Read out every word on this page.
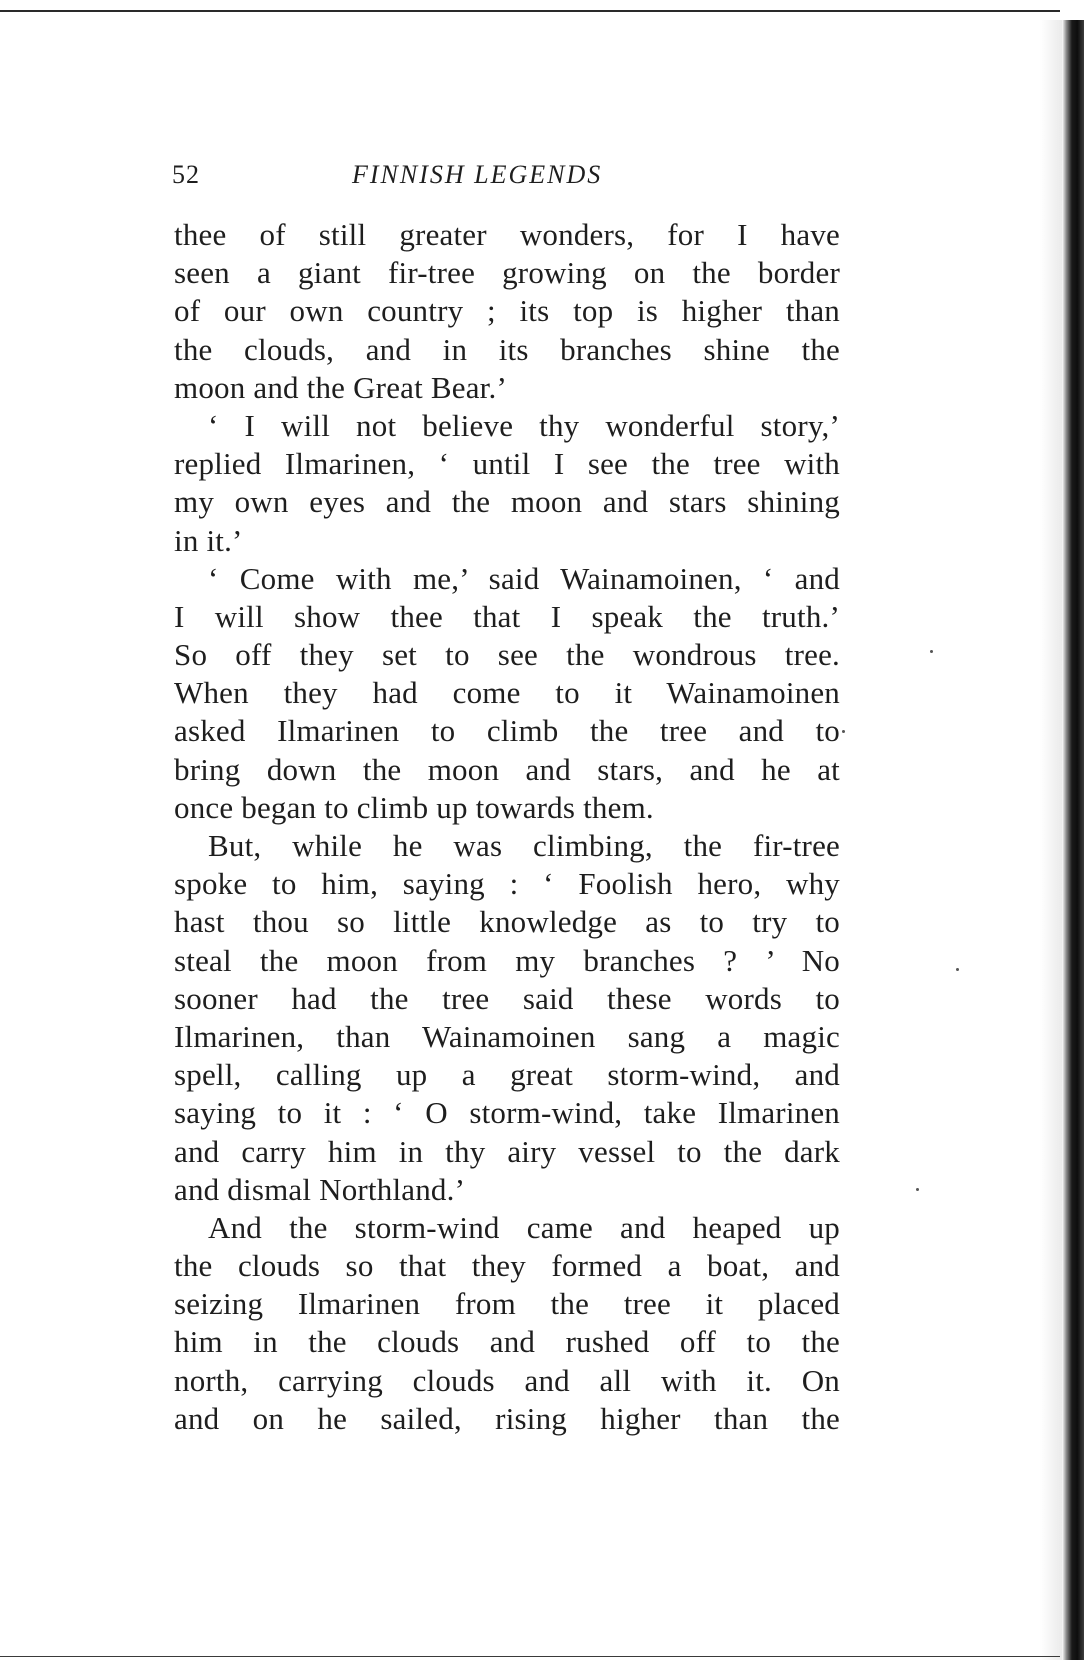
52	FINNISH LEGENDS
thee of still greater wonders, for I have
seen a giant fir-tree growing on the border
of our own country ; its top is higher than
the clouds, and in its branches shine the
moon and the Great Bear.’
‘ I will not believe thy wonderful story,’
replied Ilmarinen, ‘ until I see the tree with
my own eyes and the moon and stars shining
in it.’
‘ Come with me,’ said Wainamoinen, ‘ and
I will show thee that I speak the truth.’
So off they set to see the wondrous tree.
When they had come to it Wainamoinen
asked Ilmarinen to climb the tree and to
bring down the moon and stars, and he at
once began to climb up towards them.
But, while he was climbing, the fir-tree
spoke to him, saying : ‘ Foolish hero, why
hast thou so little knowledge as to try to
steal the moon from my branches ? ’ No
sooner had the tree said these words to
Ilmarinen, than Wainamoinen sang a magic
spell, calling up a great storm-wind, and
saying to it : ‘ O storm-wind, take Ilmarinen
and carry him in thy airy vessel to the dark
and dismal Northland.’
And the storm-wind came and heaped up
the clouds so that they formed a boat, and
seizing Ilmarinen from the tree it placed
him in the clouds and rushed off to the
north, carrying clouds and all with it. On
and on he sailed, rising higher than the
